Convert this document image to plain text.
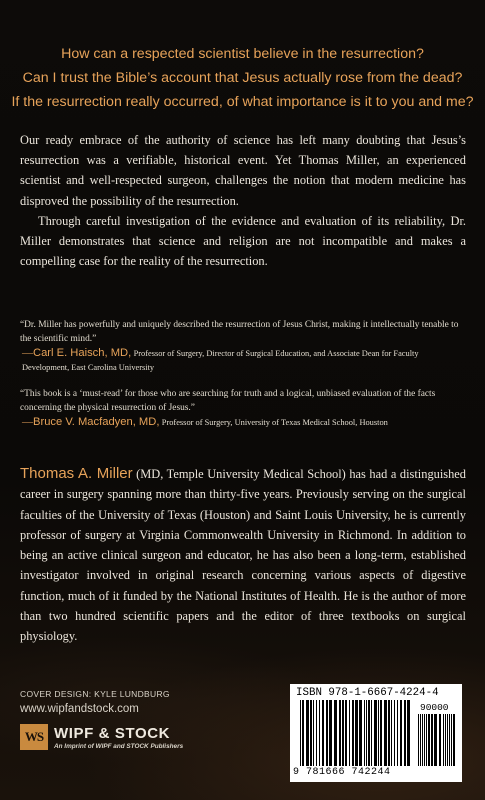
How can a respected scientist believe in the resurrection?
Can I trust the Bible’s account that Jesus actually rose from the dead?
If the resurrection really occurred, of what importance is it to you and me?

Our ready embrace of the authority of science has left many doubting that Jesus’s resurrection was a verifiable, historical event. Yet Thomas Miller, an experienced scientist and well-respected surgeon, challenges the notion that modern medicine has disproved the possibility of the resurrection.

Through careful investigation of the evidence and evaluation of its reliability, Dr. Miller demonstrates that science and religion are not incompatible and makes a compelling case for the reality of the resurrection.

“Dr. Miller has powerfully and uniquely described the resurrection of Jesus Christ, making it intellectually tenable to the scientific mind.”
—Carl E. Haisch, MD, Professor of Surgery, Director of Surgical Education, and Associate Dean for Faculty Development, East Carolina University
“This book is a ‘must-read’ for those who are searching for truth and a logical, unbiased evaluation of the facts concerning the physical resurrection of Jesus.”
—Bruce V. Macfadyen, MD, Professor of Surgery, University of Texas Medical School, Houston
Thomas A. Miller (MD, Temple University Medical School) has had a distinguished career in surgery spanning more than thirty-five years. Previously serving on the surgical faculties of the University of Texas (Houston) and Saint Louis University, he is currently professor of surgery at Virginia Commonwealth University in Richmond. In addition to being an active clinical surgeon and educator, he has also been a long-term, established investigator involved in original research concerning various aspects of digestive function, much of it funded by the National Institutes of Health. He is the author of more than two hundred scientific papers and the editor of three textbooks on surgical physiology.
COVER DESIGN: KYLE LUNDBURG
www.wipfandstock.com
WS WIPF & STOCK
An Imprint of WIPF and STOCK Publishers
ISBN 978-1-6667-4224-4
90000
9 781666 742244
